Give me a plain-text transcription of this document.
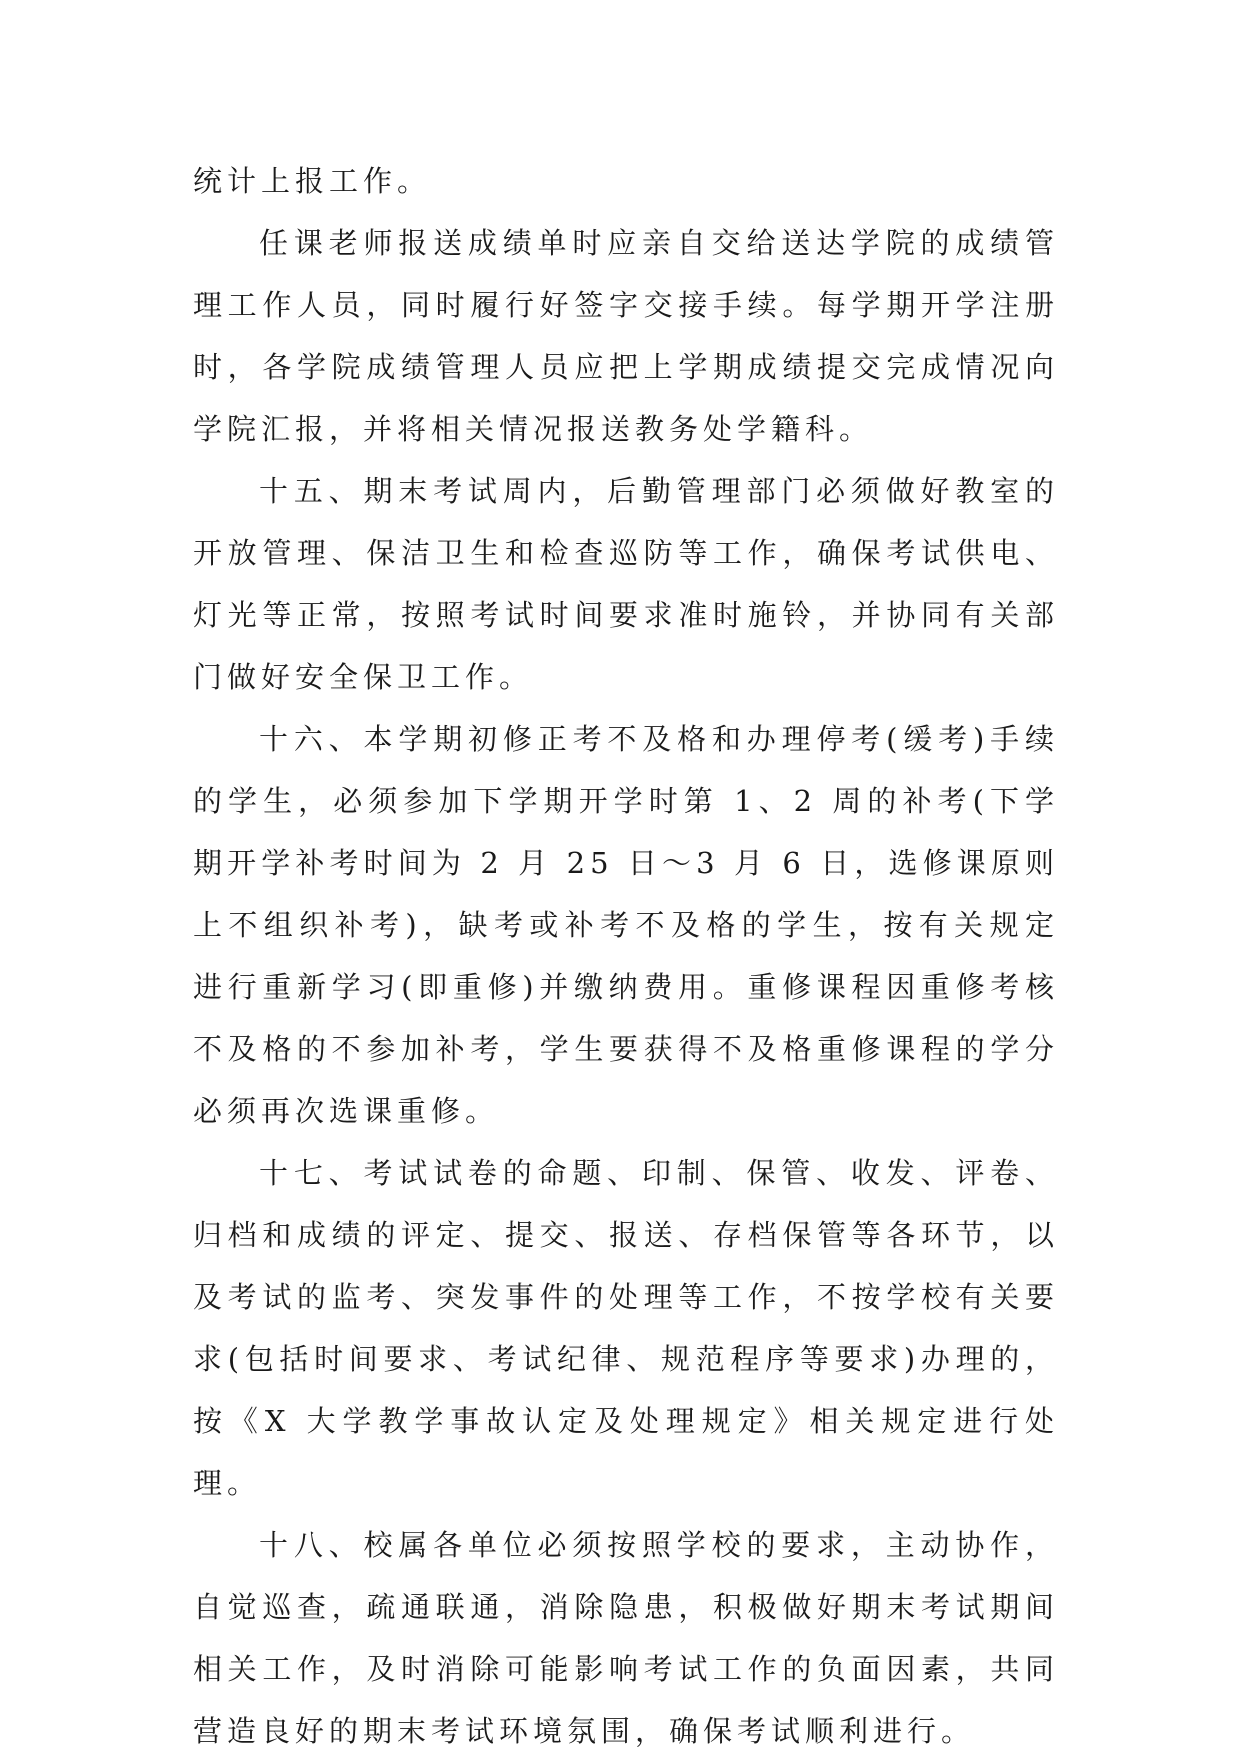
统计上报工作。

任课老师报送成绩单时应亲自交给送达学院的成绩管理工作人员，同时履行好签字交接手续。每学期开学注册时，各学院成绩管理人员应把上学期成绩提交完成情况向学院汇报，并将相关情况报送教务处学籍科。

十五、期末考试周内，后勤管理部门必须做好教室的开放管理、保洁卫生和检查巡防等工作，确保考试供电、灯光等正常，按照考试时间要求准时施铃，并协同有关部门做好安全保卫工作。

十六、本学期初修正考不及格和办理停考(缓考)手续的学生，必须参加下学期开学时第 1、2 周的补考(下学期开学补考时间为 2 月 25 日～3 月 6 日，选修课原则上不组织补考)，缺考或补考不及格的学生，按有关规定进行重新学习(即重修)并缴纳费用。重修课程因重修考核不及格的不参加补考，学生要获得不及格重修课程的学分必须再次选课重修。

十七、考试试卷的命题、印制、保管、收发、评卷、归档和成绩的评定、提交、报送、存档保管等各环节，以及考试的监考、突发事件的处理等工作，不按学校有关要求(包括时间要求、考试纪律、规范程序等要求)办理的，按《X 大学教学事故认定及处理规定》相关规定进行处理。

十八、校属各单位必须按照学校的要求，主动协作，自觉巡查，疏通联通，消除隐患，积极做好期末考试期间相关工作，及时消除可能影响考试工作的负面因素，共同营造良好的期末考试环境氛围，确保考试顺利进行。
